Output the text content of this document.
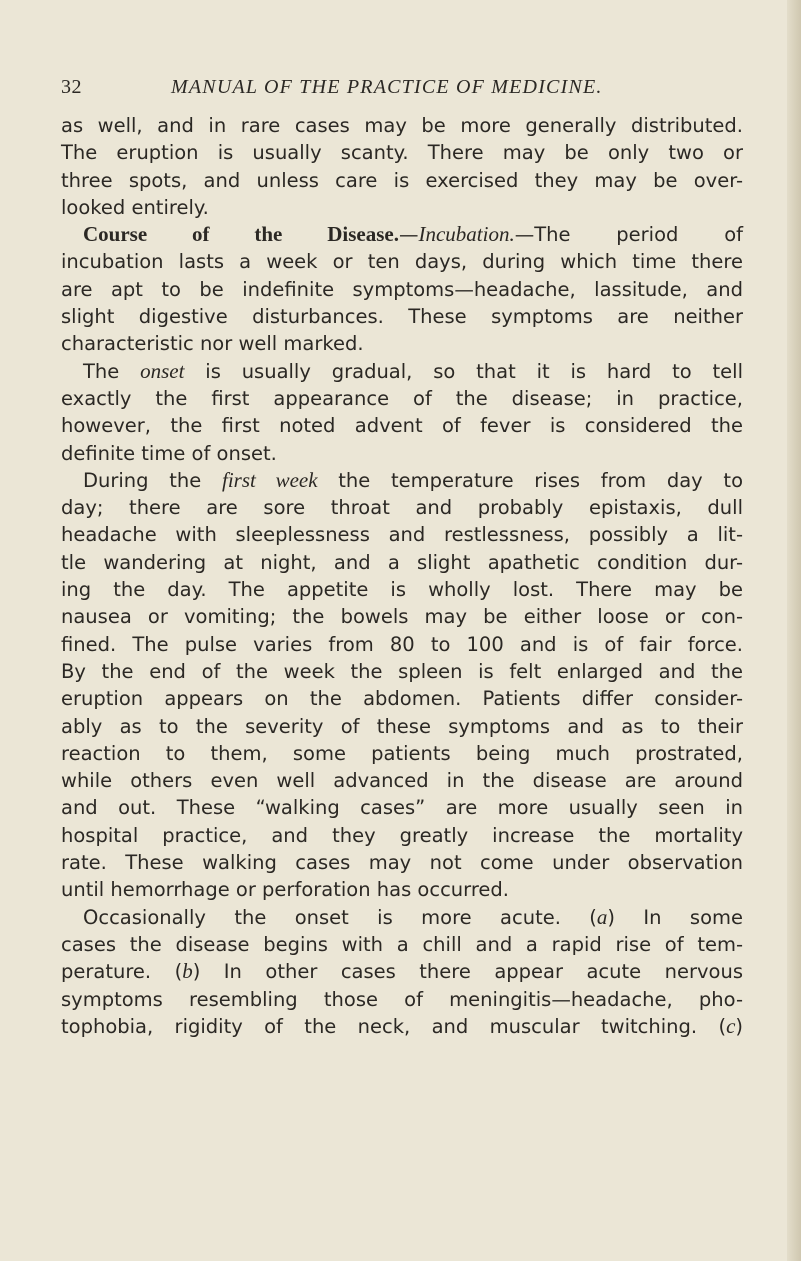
32	MANUAL OF THE PRACTICE OF MEDICINE.
as well, and in rare cases may be more generally distributed.
The eruption is usually scanty. There may be only two or
three spots, and unless care is exercised they may be over-
looked entirely.
Course of the Disease.—Incubation.—The period of
incubation lasts a week or ten days, during which time there
are apt to be indefinite symptoms—headache, lassitude, and
slight digestive disturbances. These symptoms are neither
characteristic nor well marked.
The onset is usually gradual, so that it is hard to tell
exactly the first appearance of the disease; in practice,
however, the first noted advent of fever is considered the
definite time of onset.
During the first week the temperature rises from day to
day; there are sore throat and probably epistaxis, dull
headache with sleeplessness and restlessness, possibly a lit-
tle wandering at night, and a slight apathetic condition dur-
ing the day. The appetite is wholly lost. There may be
nausea or vomiting; the bowels may be either loose or con-
fined. The pulse varies from 80 to 100 and is of fair force.
By the end of the week the spleen is felt enlarged and the
eruption appears on the abdomen. Patients differ consider-
ably as to the severity of these symptoms and as to their
reaction to them, some patients being much prostrated,
while others even well advanced in the disease are around
and out. These “walking cases” are more usually seen in
hospital practice, and they greatly increase the mortality
rate. These walking cases may not come under observation
until hemorrhage or perforation has occurred.
Occasionally the onset is more acute. (a) In some
cases the disease begins with a chill and a rapid rise of tem-
perature. (b) In other cases there appear acute nervous
symptoms resembling those of meningitis—headache, pho-
tophobia, rigidity of the neck, and muscular twitching. (c)
